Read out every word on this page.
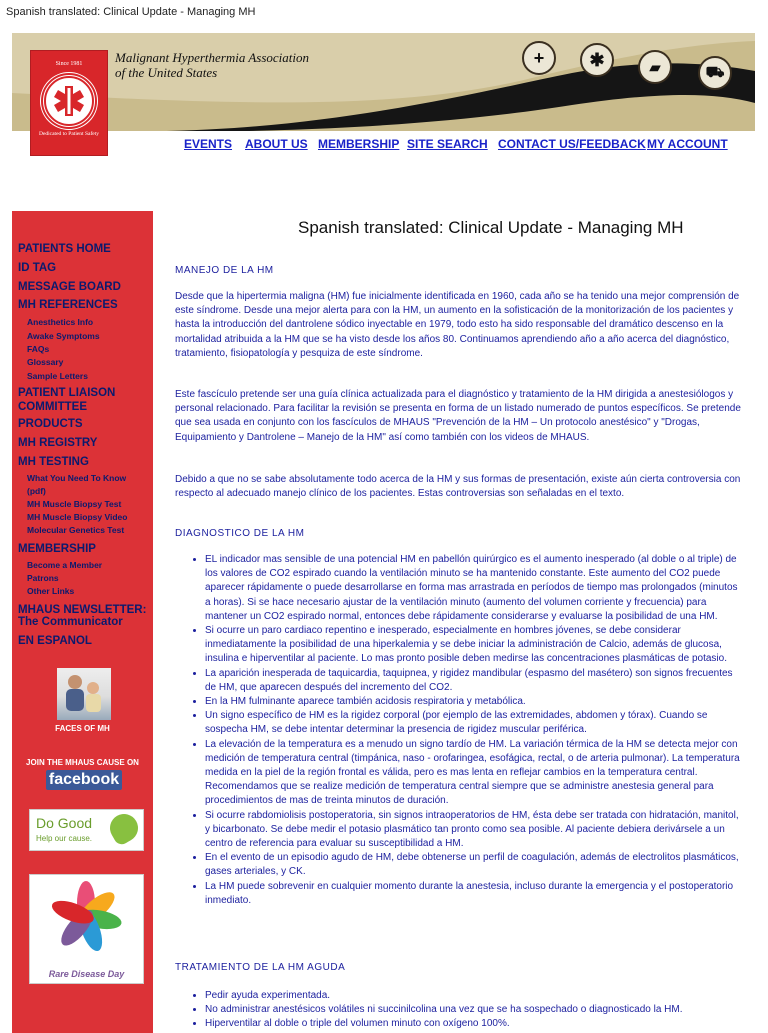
Spanish translated: Clinical Update - Managing MH
Since 1981
Dedicated to Patient Safety
Malignant Hyperthermia Association
of the United States
+	✱	▰	⛟
EVENTS ABOUT US MEMBERSHIP SITE SEARCH CONTACT US/FEEDBACK MY ACCOUNT
PATIENTS HOME
ID TAG
MESSAGE BOARD
MH REFERENCES
Anesthetics Info
Awake Symptoms
FAQs
Glossary
Sample Letters
PATIENT LIAISON
COMMITTEE
PRODUCTS
MH REGISTRY
MH TESTING
What You Need To Know
(pdf)
MH Muscle Biopsy Test
MH Muscle Biopsy Video
Molecular Genetics Test
MEMBERSHIP
Become a Member
Patrons
Other Links
MHAUS NEWSLETTER:
The Communicator
EN ESPANOL
FACES OF MH
JOIN THE MHAUS CAUSE ON
facebook
Do Good
Help our cause.
Rare Disease Day
Spanish translated: Clinical Update - Managing MH
MANEJO DE LA HM

Desde que la hipertermia maligna (HM) fue inicialmente identificada en 1960, cada año se ha tenido una mejor comprensión de este síndrome. Desde una mejor alerta para con la HM, un aumento en la sofisticación de la monitorización de los pacientes y hasta la introducción del dantrolene sódico inyectable en 1979, todo esto ha sido responsable del dramático descenso en la mortalidad atribuida a la HM que se ha visto desde los años 80. Continuamos aprendiendo año a año acerca del diagnóstico, tratamiento, fisiopatología y pesquiza de este síndrome.

Este fascículo pretende ser una guía clínica actualizada para el diagnóstico y tratamiento de la HM dirigida a anestesiólogos y personal relacionado. Para facilitar la revisión se presenta en forma de un listado numerado de puntos específicos. Se pretende que sea usada en conjunto con los fascículos de MHAUS "Prevención de la HM – Un protocolo anestésico" y "Drogas, Equipamiento y Dantrolene – Manejo de la HM" así como también con los videos de MHAUS.

Debido a que no se sabe absolutamente todo acerca de la HM y sus formas de presentación, existe aún cierta controversia con respecto al adecuado manejo clínico de los pacientes. Estas controversias son señaladas en el texto.

DIAGNOSTICO DE LA HM
• EL indicador mas sensible de una potencial HM en pabellón quirúrgico es el aumento inesperado (al doble o al triple) de los valores de CO2 espirado cuando la ventilación minuto se ha mantenido constante. Este aumento del CO2 puede aparecer rápidamente o puede desarrollarse en forma mas arrastrada en períodos de tiempo mas prolongados (minutos a horas). Si se hace necesario ajustar de la ventilación minuto (aumento del volumen corriente y frecuencia) para mantener un CO2 espirado normal, entonces debe rápidamente considerarse y evaluarse la posibilidad de una HM.
• Si ocurre un paro cardiaco repentino e inesperado, especialmente en hombres jóvenes, se debe considerar inmediatamente la posibilidad de una hiperkalemia y se debe iniciar la administración de Calcio, además de glucosa, insulina e hiperventilar al paciente. Lo mas pronto posible deben medirse las concentraciones plasmáticas de potasio.
• La aparición inesperada de taquicardia, taquipnea, y rigidez mandibular (espasmo del masétero) son signos frecuentes de HM, que aparecen después del incremento del CO2.
• En la HM fulminante aparece también acidosis respiratoria y metabólica.
• Un signo específico de HM es la rigidez corporal (por ejemplo de las extremidades, abdomen y tórax). Cuando se sospecha HM, se debe intentar determinar la presencia de rigidez muscular periférica.
• La elevación de la temperatura es a menudo un signo tardío de HM. La variación térmica de la HM se detecta mejor con medición de temperatura central (timpánica, naso - orofaringea, esofágica, rectal, o de arteria pulmonar). La temperatura medida en la piel de la región frontal es válida, pero es mas lenta en reflejar cambios en la temperatura central. Recomendamos que se realize medición de temperatura central siempre que se administre anestesia general para procedimientos de mas de treinta minutos de duración.
• Si ocurre rabdomiolisis postoperatoria, sin signos intraoperatorios de HM, ésta debe ser tratada con hidratación, manitol, y bicarbonato. Se debe medir el potasio plasmático tan pronto como sea posible. Al paciente debiera derivársele a un centro de referencia para evaluar su susceptibilidad a HM.
• En el evento de un episodio agudo de HM, debe obtenerse un perfil de coagulación, además de electrolitos plasmáticos, gases arteriales, y CK.
• La HM puede sobrevenir en cualquier momento durante la anestesia, incluso durante la emergencia y el postoperatorio inmediato.
TRATAMIENTO DE LA HM AGUDA
• Pedir ayuda experimentada.
• No administrar anestésicos volátiles ni succinilcolina una vez que se ha sospechado o diagnosticado la HM.
• Hiperventilar al doble o triple del volumen minuto con oxígeno 100%.
